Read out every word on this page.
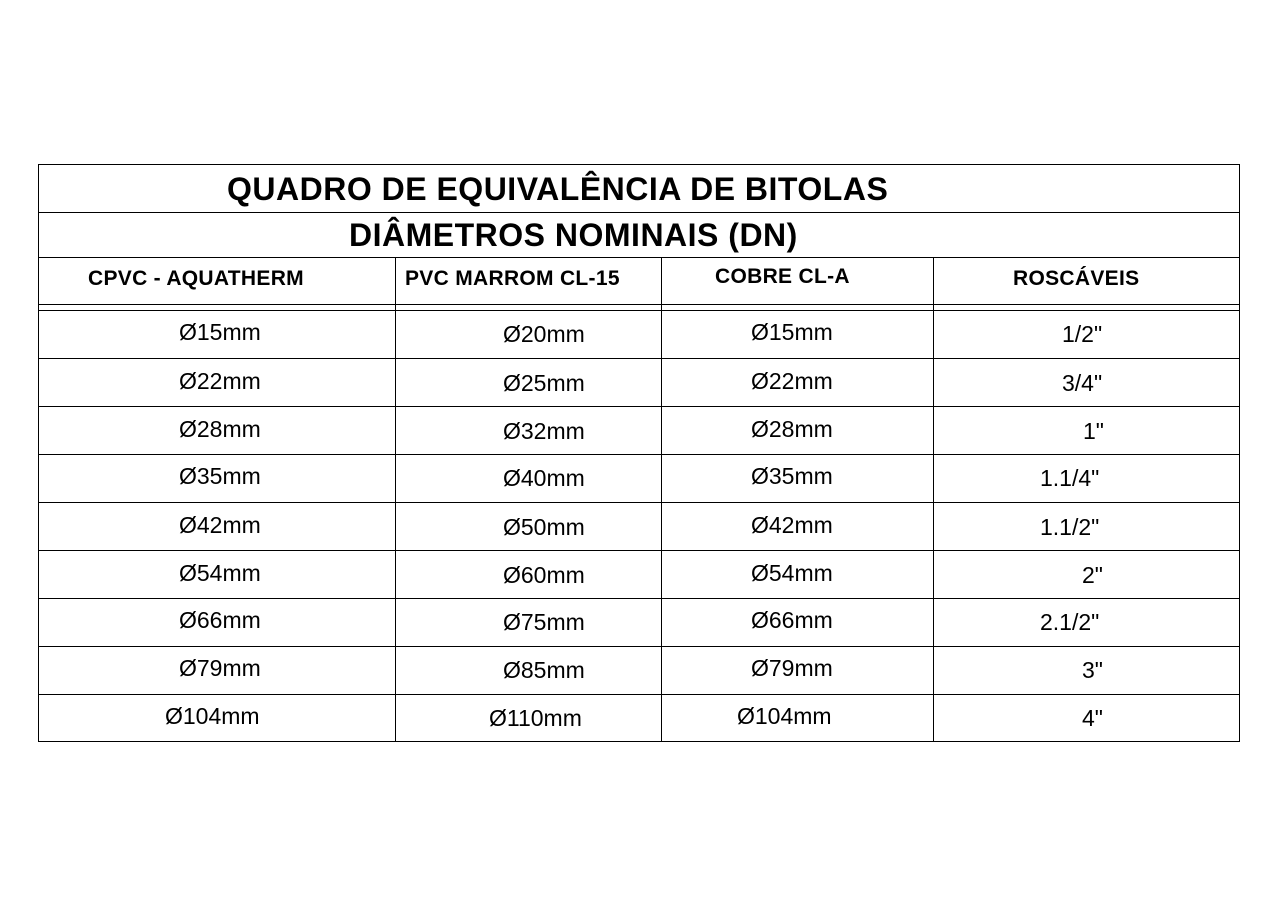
QUADRO DE EQUIVALÊNCIA DE BITOLAS
DIÂMETROS NOMINAIS (DN)
CPVC - AQUATHERM	PVC MARROM CL-15	COBRE CL-A	ROSCÁVEIS
Ø15mm	Ø20mm	Ø15mm	1/2"
Ø22mm	Ø25mm	Ø22mm	3/4"
Ø28mm	Ø32mm	Ø28mm	1"
Ø35mm	Ø40mm	Ø35mm	1.1/4"
Ø42mm	Ø50mm	Ø42mm	1.1/2"
Ø54mm	Ø60mm	Ø54mm	2"
Ø66mm	Ø75mm	Ø66mm	2.1/2"
Ø79mm	Ø85mm	Ø79mm	3"
Ø104mm	Ø110mm	Ø104mm	4"
